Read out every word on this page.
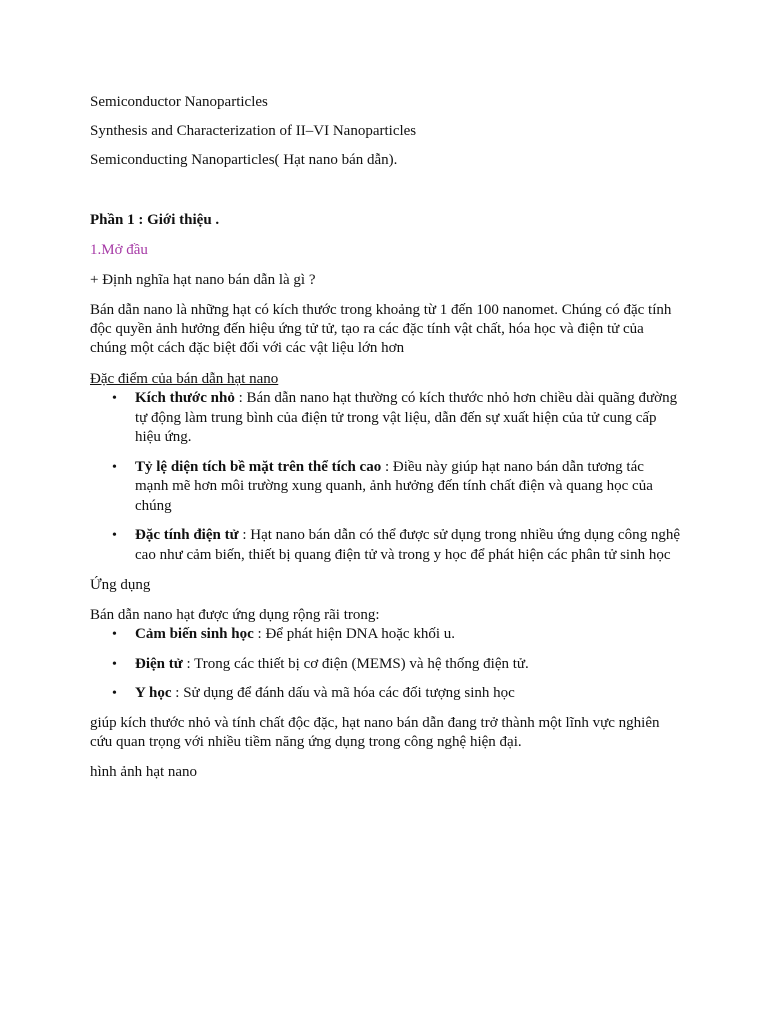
Semiconductor Nanoparticles

Synthesis and Characterization of II–VI Nanoparticles

Semiconducting Nanoparticles( Hạt nano bán dẫn).

Phần 1 : Giới thiệu .

1.Mở đầu

+ Định nghĩa hạt nano bán dẫn là gì ?

Bán dẫn nano là những hạt có kích thước trong khoảng từ 1 đến 100 nanomet. Chúng có đặc tính độc quyền ảnh hưởng đến hiệu ứng tử tử, tạo ra các đặc tính vật chất, hóa học và điện tử của chúng một cách đặc biệt đối với các vật liệu lớn hơn

Đặc điểm của bán dẫn hạt nano

• Kích thước nhỏ : Bán dẫn nano hạt thường có kích thước nhỏ hơn chiều dài quãng đường tự động làm trung bình của điện tử trong vật liệu, dẫn đến sự xuất hiện của tử cung cấp hiệu ứng.
• Tỷ lệ diện tích bề mặt trên thể tích cao : Điều này giúp hạt nano bán dẫn tương tác mạnh mẽ hơn môi trường xung quanh, ảnh hưởng đến tính chất điện và quang học của chúng
• Đặc tính điện tử : Hạt nano bán dẫn có thể được sử dụng trong nhiều ứng dụng công nghệ cao như cảm biến, thiết bị quang điện tử và trong y học để phát hiện các phân tử sinh học

Ứng dụng

Bán dẫn nano hạt được ứng dụng rộng rãi trong:

• Cảm biến sinh học : Để phát hiện DNA hoặc khối u.
• Điện tử : Trong các thiết bị cơ điện (MEMS) và hệ thống điện tử.
• Y học : Sử dụng để đánh dấu và mã hóa các đối tượng sinh học

giúp kích thước nhỏ và tính chất độc đặc, hạt nano bán dẫn đang trở thành một lĩnh vực nghiên cứu quan trọng với nhiều tiềm năng ứng dụng trong công nghệ hiện đại.

hình ảnh hạt nano
